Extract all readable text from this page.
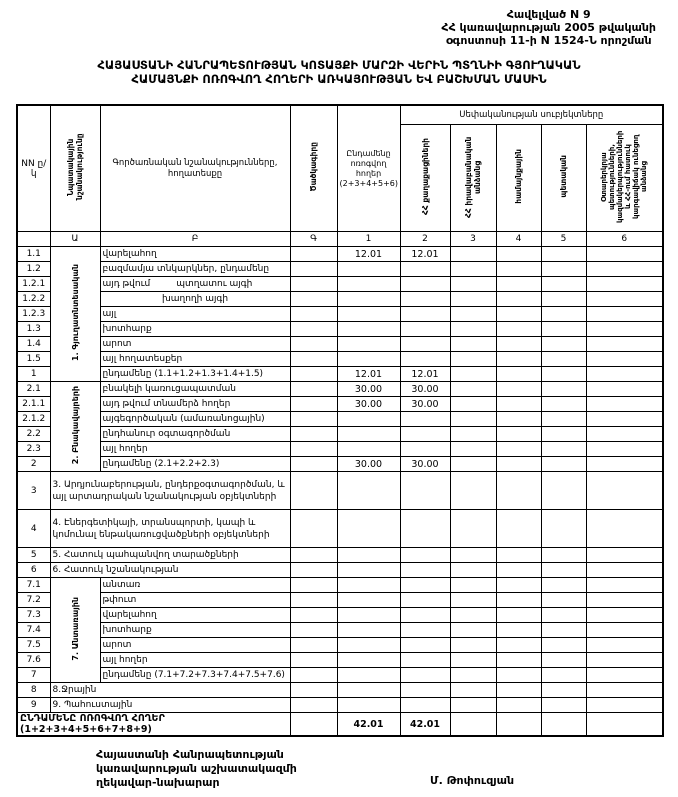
Հավելված N 9
ՀՀ կառավարության 2005 թվականի
օգոստոսի 11-ի N 1524-Ն որոշման
ՀԱՅԱՍՏԱՆԻ ՀԱՆՐԱՊԵՏՈՒԹՅԱՆ ԿՈՏԱՅՔԻ ՄԱՐԶԻ ՎԵՐԻՆ ՊՏՂՆԻԻ ԳՅՈՒՂԱԿԱՆ
ՀԱՄԱՅՆՔԻ ՈՌՈԳՎՈՂ ՀՈՂԵՐԻ ԱՌԿԱՅՈՒԹՅԱՆ ԵՎ ԲԱՇԽՄԱՆ ՄԱՍԻՆ
NN ը/կ	Նպատակային նշանակությունը	Գործառնական նշանակությունները, հողատեսքը	Ծածկագիրը	Ընդամենը ոռոգվող հողեր (2+3+4+5+6)	Սեփականության սուբյեկտները				
					ՀՀ քաղաքացիների	ՀՀ իրավաբանական անձանց	համայնքային	պետական	Օտարերկրյա պետությունների, կազմակերպությունների և ՀՀ-ում հատուկ կարգավիճակ ունեցող անձանց
	Ա	Բ	Գ	1	2	3	4	5	6
1.1	1. Գյուղատնտեսական	վարելահող		12.01	12.01				
1.2		բազմամյա տնկարկներ, ընդամենը							
1.2.1		այդ թվում պտղատու այգի							
1.2.2		խաղողի այգի							
1.2.3		այլ							
1.3		խոտհարք							
1.4		արոտ							
1.5		այլ հողատեսքեր							
1		ընդամենը (1.1+1.2+1.3+1.4+1.5)		12.01	12.01				
2.1	2. Բնակավայրերի	բնակելի կառուցապատման		30.00	30.00				
2.1.1		այդ թվում տնամերձ հողեր		30.00	30.00				
2.1.2		այգեգործական (ամառանոցային)							
2.2		ընդհանուր օգտագործման							
2.3		այլ հողեր							
2		ընդամենը (2.1+2.2+2.3)		30.00	30.00				
3	3. Արդյունաբերության, ընդերքօգտագործման, և այլ արտադրական նշանակության օբյեկտների								
4	4. Էներգետիկայի, տրանսպորտի, կապի և կոմունալ ենթակառուցվածքների օբյեկտների								
5	5. Հատուկ պահպանվող տարածքների								
6	6. Հատուկ նշանակության								
7.1	7. Անտառային	անտառ							
7.2		թփուտ							
7.3		վարելահող							
7.4		խոտհարք							
7.5		արոտ							
7.6		այլ հողեր							
7		ընդամենը (7.1+7.2+7.3+7.4+7.5+7.6)							
8	8.Ջրային								
9	9. Պահուստային								
ԸՆԴԱՄԵՆԸ ՈՌՈԳՎՈՂ ՀՈՂԵՐ (1+2+3+4+5+6+7+8+9)				42.01	42.01				
Հայաստանի Հանրապետության
կառավարության աշխատակազմի
ղեկավար-նախարար	Մ. Թոփուզյան
